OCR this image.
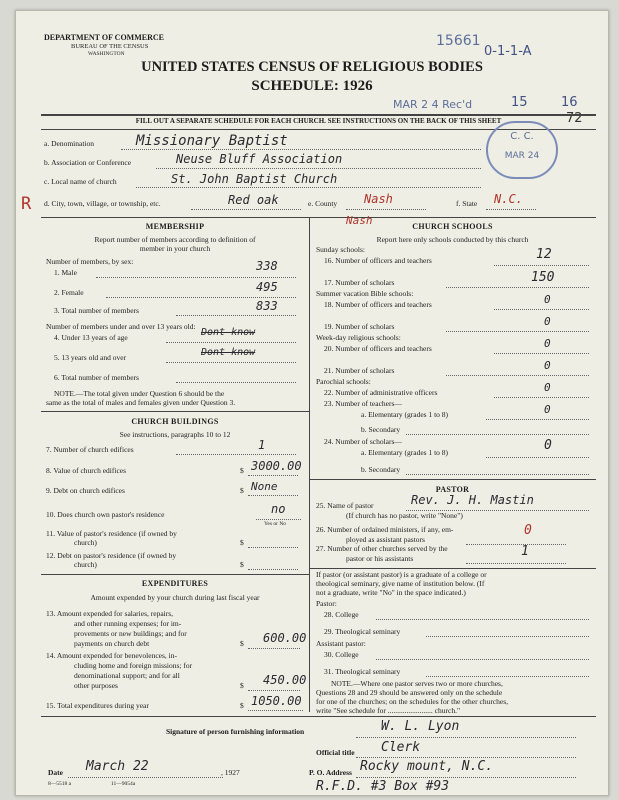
DEPARTMENT OF COMMERCE
BUREAU OF THE CENSUS
WASHINGTON
15661
0-1-1-A
UNITED STATES CENSUS OF RELIGIOUS BODIES
SCHEDULE: 1926
MAR 2 4 Rec'd	15	16
72
FILL OUT A SEPARATE SCHEDULE FOR EACH CHURCH. SEE INSTRUCTIONS ON THE BACK OF THIS SHEET
C. C.
MAR 24
a. Denomination	Missionary Baptist
b. Association or Conference	Neuse Bluff Association
c. Local name of church	St. John Baptist Church
R d. City, town, village, or township, etc.	Red oak	e. County Nash	f. State N.C.
MEMBERSHIP
Report number of members according to definition of
member in your church
Number of members, by sex:
1. Male	338
2. Female	495
3. Total number of members	833
Number of members under and over 13 years old:
4. Under 13 years of age	Dont know
5. 13 years old and over	Dont know
6. Total number of members
NOTE.—The total given under Question 6 should be the
same as the total of males and females given under Question 3.
CHURCH BUILDINGS
See instructions, paragraphs 10 to 12
7. Number of church edifices	1
8. Value of church edifices	$ 3000.00
9. Debt on church edifices	$ None
10. Does church own pastor's residence	no
Yes or No
11. Value of pastor's residence (if owned by
church)	$
12. Debt on pastor's residence (if owned by
church)	$
EXPENDITURES
Amount expended by your church during last fiscal year
13. Amount expended for salaries, repairs,
and other running expenses; for im-
provements or new buildings; and for
payments on church debt	$ 600.00
14. Amount expended for benevolences, in-
cluding home and foreign missions; for
denominational support; and for all
other purposes	$ 450.00
15. Total expenditures during year	$ 1050.00
Nash	CHURCH SCHOOLS
Report here only schools conducted by this church
Sunday schools:
16. Number of officers and teachers	12
17. Number of scholars	150
Summer vacation Bible schools:
18. Number of officers and teachers	0
19. Number of scholars	0
Week-day religious schools:
20. Number of officers and teachers	0
21. Number of scholars	0
Parochial schools:
22. Number of administrative officers	0
23. Number of teachers—
a. Elementary (grades 1 to 8)	0
b. Secondary
24. Number of scholars—
a. Elementary (grades 1 to 8)	0
b. Secondary
PASTOR
25. Name of pastor	Rev. J. H. Mastin
(If church has no pastor, write "None")
26. Number of ordained ministers, if any, em-
ployed as assistant pastors
0
27. Number of other churches served by the
pastor or his assistants	1
If pastor (or assistant pastor) is a graduate of a college or
theological seminary, give name of institution below. (If
not a graduate, write "No" in the space indicated.)
Pastor:
28. College
29. Theological seminary
Assistant pastor:
30. College
31. Theological seminary
NOTE.—Where one pastor serves two or more churches,
Questions 28 and 29 should be answered only on the schedule
for one of the churches; on the schedules for the other churches,
write "See schedule for ........................ church."
Signature of person furnishing information	W. L. Lyon
Official title Clerk
P. O. Address Rocky mount, N.C.
R.F.D. #3 Box #93
Date March 22	, 1927
8—5518 a	11—9054a
